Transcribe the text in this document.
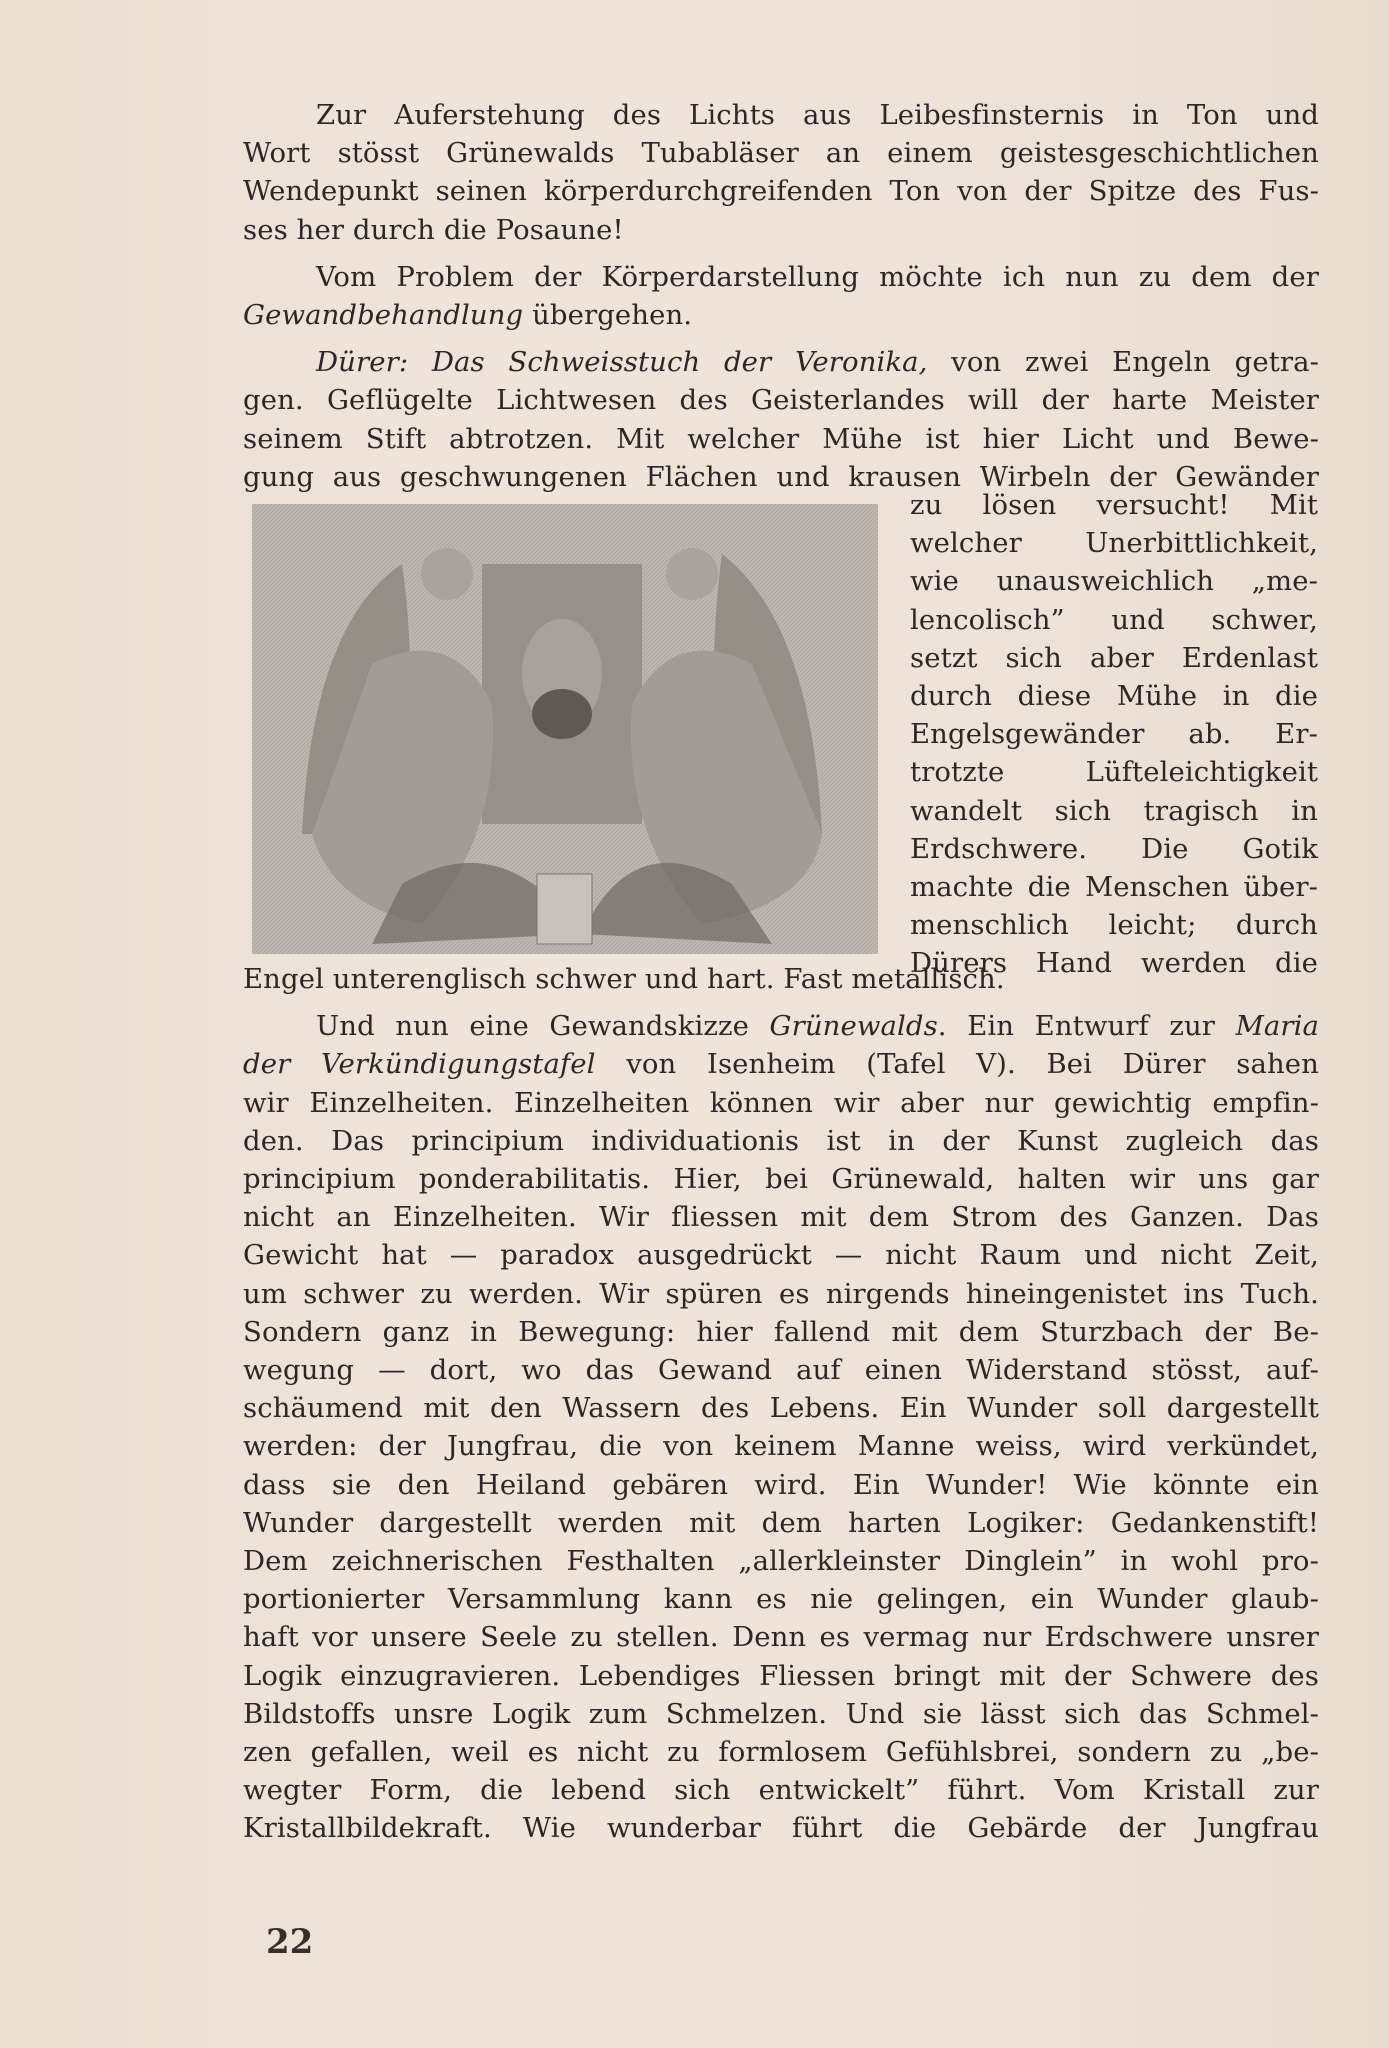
Zur Auferstehung des Lichts aus Leibesfinsternis in Ton und
Wort stösst Grünewalds Tubabläser an einem geistesgeschichtlichen
Wendepunkt seinen körperdurchgreifenden Ton von der Spitze des Fus-
ses her durch die Posaune!
Vom Problem der Körperdarstellung möchte ich nun zu dem der
Gewandbehandlung übergehen.
Dürer: Das Schweisstuch der Veronika, von zwei Engeln getra-
gen. Geflügelte Lichtwesen des Geisterlandes will der harte Meister
seinem Stift abtrotzen. Mit welcher Mühe ist hier Licht und Bewe-
gung aus geschwungenen Flächen und krausen Wirbeln der Gewänder
zu lösen versucht! Mit
welcher Unerbittlichkeit,
wie unausweichlich „me-
lencolisch” und schwer,
setzt sich aber Erdenlast
durch diese Mühe in die
Engelsgewänder ab. Er-
trotzte Lüfteleichtigkeit
wandelt sich tragisch in
Erdschwere. Die Gotik
machte die Menschen über-
menschlich leicht; durch
Dürers Hand werden die
Engel unterenglisch schwer und hart. Fast metallisch.
Und nun eine Gewandskizze Grünewalds. Ein Entwurf zur Maria
der Verkündigungstafel von Isenheim (Tafel V). Bei Dürer sahen
wir Einzelheiten. Einzelheiten können wir aber nur gewichtig empfin-
den. Das principium individuationis ist in der Kunst zugleich das
principium ponderabilitatis. Hier, bei Grünewald, halten wir uns gar
nicht an Einzelheiten. Wir fliessen mit dem Strom des Ganzen. Das
Gewicht hat — paradox ausgedrückt — nicht Raum und nicht Zeit,
um schwer zu werden. Wir spüren es nirgends hineingenistet ins Tuch.
Sondern ganz in Bewegung: hier fallend mit dem Sturzbach der Be-
wegung — dort, wo das Gewand auf einen Widerstand stösst, auf-
schäumend mit den Wassern des Lebens. Ein Wunder soll dargestellt
werden: der Jungfrau, die von keinem Manne weiss, wird verkündet,
dass sie den Heiland gebären wird. Ein Wunder! Wie könnte ein
Wunder dargestellt werden mit dem harten Logiker: Gedankenstift!
Dem zeichnerischen Festhalten „allerkleinster Dinglein” in wohl pro-
portionierter Versammlung kann es nie gelingen, ein Wunder glaub-
haft vor unsere Seele zu stellen. Denn es vermag nur Erdschwere unsrer
Logik einzugravieren. Lebendiges Fliessen bringt mit der Schwere des
Bildstoffs unsre Logik zum Schmelzen. Und sie lässt sich das Schmel-
zen gefallen, weil es nicht zu formlosem Gefühlsbrei, sondern zu „be-
wegter Form, die lebend sich entwickelt” führt. Vom Kristall zur
Kristallbildekraft. Wie wunderbar führt die Gebärde der Jungfrau
22
